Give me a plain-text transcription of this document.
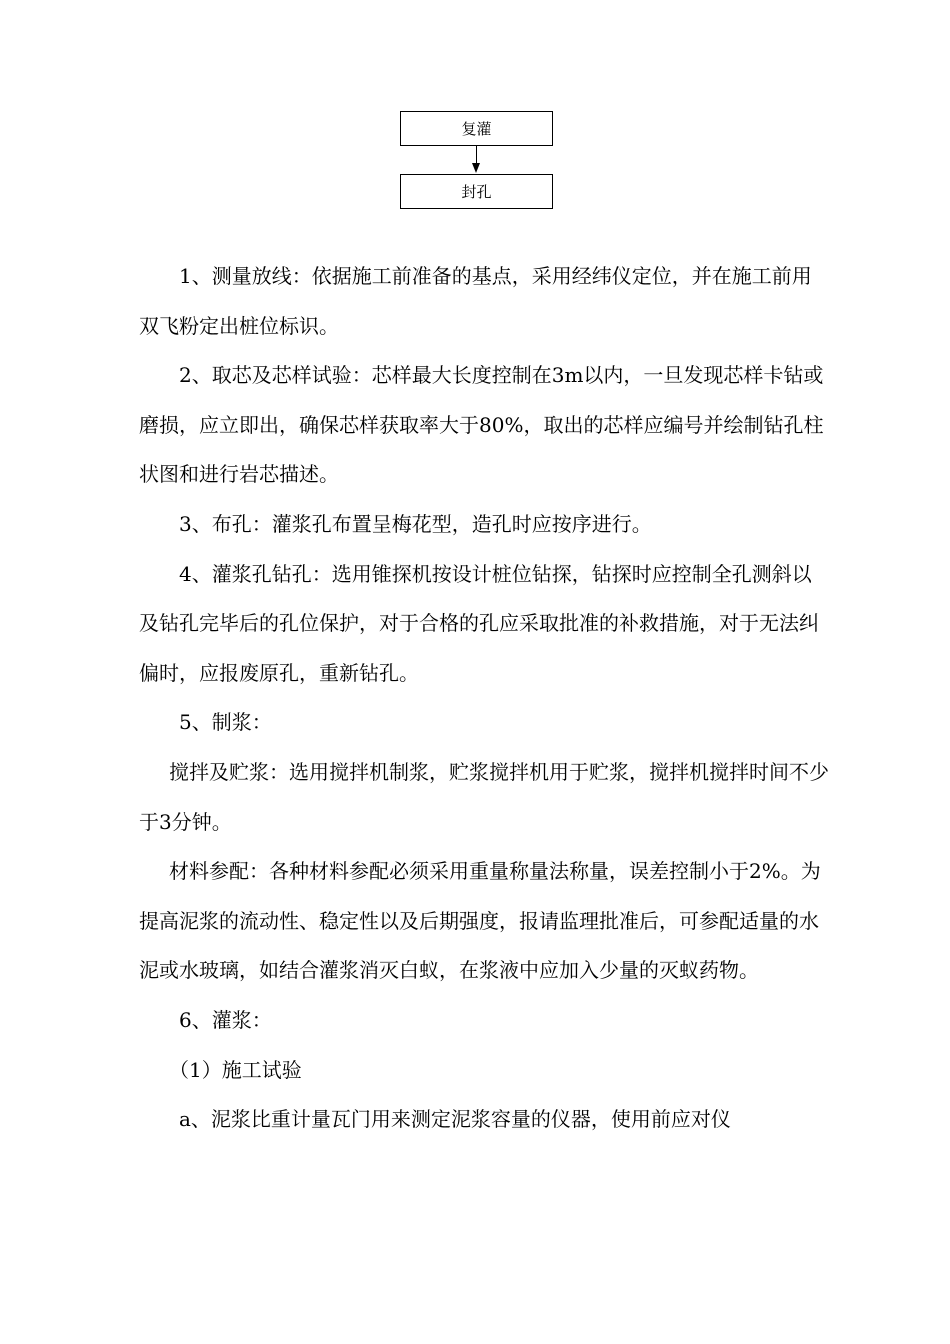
复灌
封孔

1、测量放线：依据施工前准备的基点，采用经纬仪定位，并在施工前用双飞粉定出桩位标识。

2、取芯及芯样试验：芯样最大长度控制在3m以内，一旦发现芯样卡钻或磨损，应立即出，确保芯样获取率大于80%，取出的芯样应编号并绘制钻孔柱状图和进行岩芯描述。

3、布孔：灌浆孔布置呈梅花型，造孔时应按序进行。

4、灌浆孔钻孔：选用锥探机按设计桩位钻探，钻探时应控制全孔测斜以及钻孔完毕后的孔位保护，对于合格的孔应采取批准的补救措施，对于无法纠偏时，应报废原孔，重新钻孔。

5、制浆：

搅拌及贮浆：选用搅拌机制浆，贮浆搅拌机用于贮浆，搅拌机搅拌时间不少于3分钟。

材料参配：各种材料参配必须采用重量称量法称量，误差控制小于2%。为提高泥浆的流动性、稳定性以及后期强度，报请监理批准后，可参配适量的水泥或水玻璃，如结合灌浆消灭白蚁，在浆液中应加入少量的灭蚁药物。

6、灌浆：

（1）施工试验

a、泥浆比重计量瓦门用来测定泥浆容量的仪器，使用前应对仪
